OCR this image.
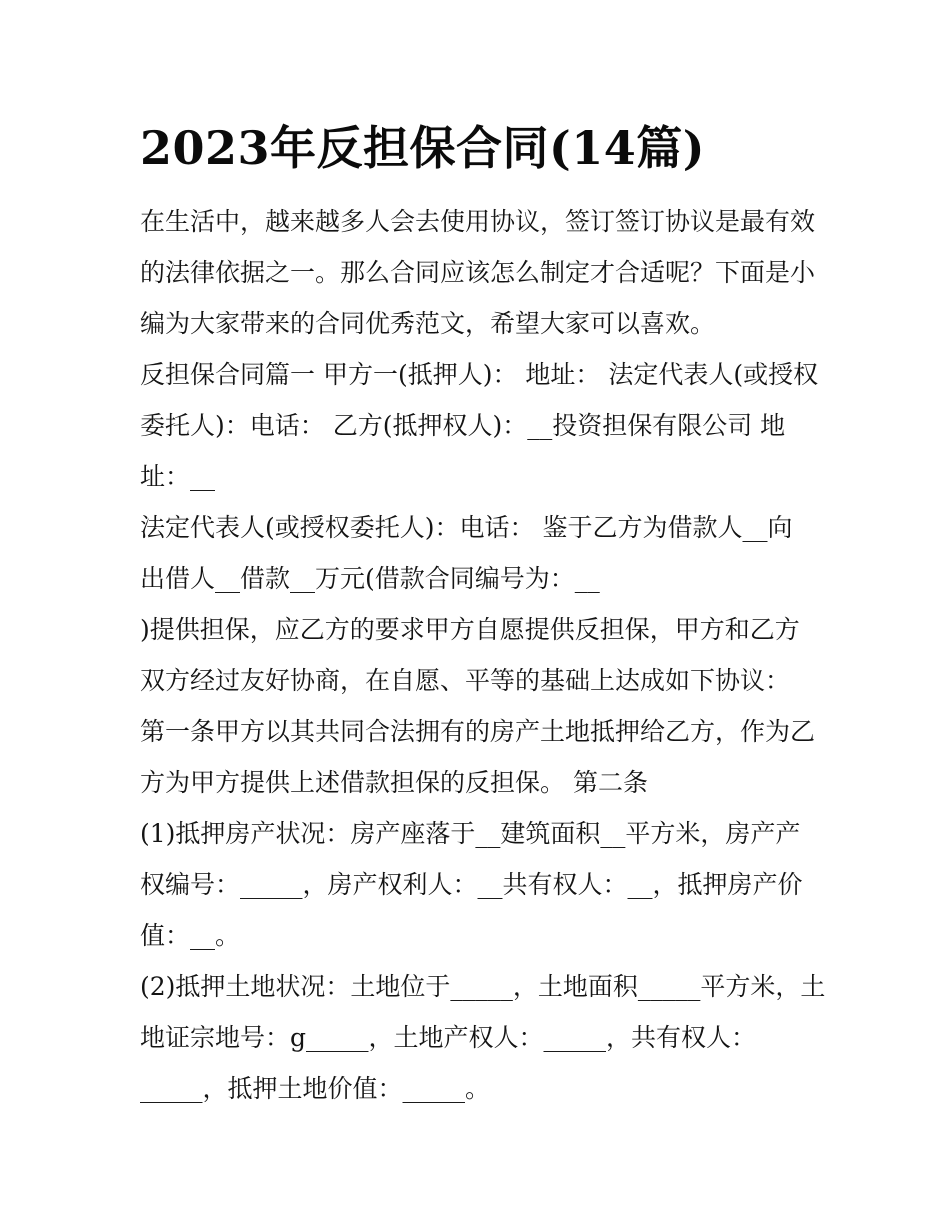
2023年反担保合同(14篇)
在生活中，越来越多人会去使用协议，签订签订协议是最有效
的法律依据之一。那么合同应该怎么制定才合适呢？下面是小
编为大家带来的合同优秀范文，希望大家可以喜欢。
反担保合同篇一 甲方一(抵押人)： 地址： 法定代表人(或授权
委托人)：电话： 乙方(抵押权人)：__投资担保有限公司 地
址：__
法定代表人(或授权委托人)：电话： 鉴于乙方为借款人__向
出借人__借款__万元(借款合同编号为：__
)提供担保，应乙方的要求甲方自愿提供反担保，甲方和乙方
双方经过友好协商，在自愿、平等的基础上达成如下协议：
第一条甲方以其共同合法拥有的房产土地抵押给乙方，作为乙
方为甲方提供上述借款担保的反担保。 第二条
(1)抵押房产状况：房产座落于__建筑面积__平方米，房产产
权编号：_____，房产权利人：__共有权人：__，抵押房产价
值：__。
(2)抵押土地状况：土地位于_____，土地面积_____平方米，土
地证宗地号：g_____，土地产权人：_____，共有权人：
_____，抵押土地价值：_____。
